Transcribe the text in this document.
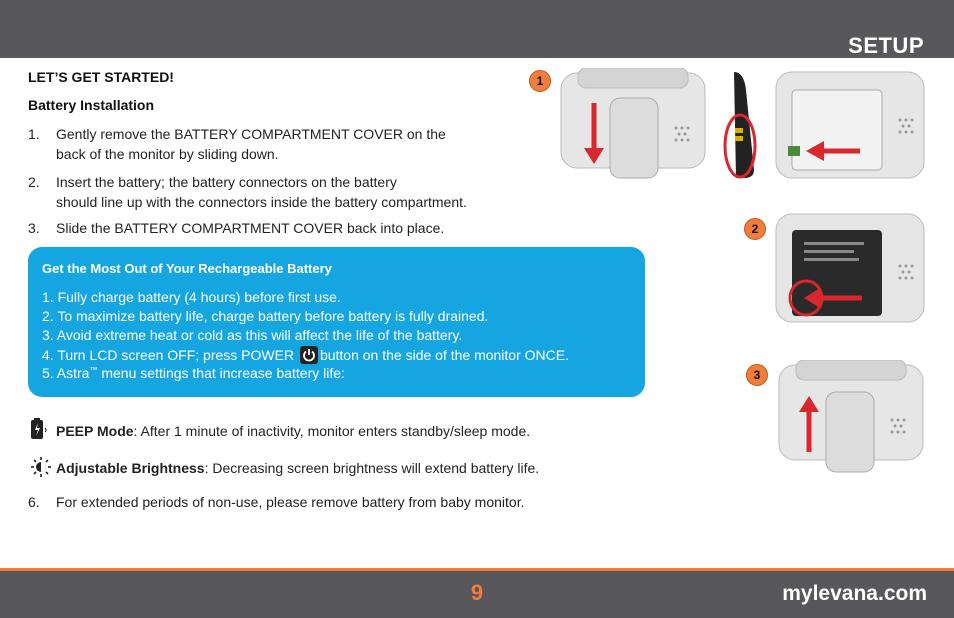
SETUP
LET’S GET STARTED!
Battery Installation
1. Gently remove the BATTERY COMPARTMENT COVER on the
back of the monitor by sliding down.
2. Insert the battery; the battery connectors on the battery
should line up with the connectors inside the battery compartment.
3. Slide the BATTERY COMPARTMENT COVER back into place.
Get the Most Out of Your Rechargeable Battery
1. Fully charge battery (4 hours) before first use.
2. To maximize battery life, charge battery before battery is fully drained.
3. Avoid extreme heat or cold as this will affect the life of the battery.
4. Turn LCD screen OFF; press POWER
button on the side of the monitor ONCE.
5. Astra™ menu settings that increase battery life:
PEEP Mode: After 1 minute of inactivity, monitor enters standby/sleep mode.
Adjustable Brightness: Decreasing screen brightness will extend battery life.
6. For extended periods of non-use, please remove battery from baby monitor.
1
2
3
9	mylevana.com
